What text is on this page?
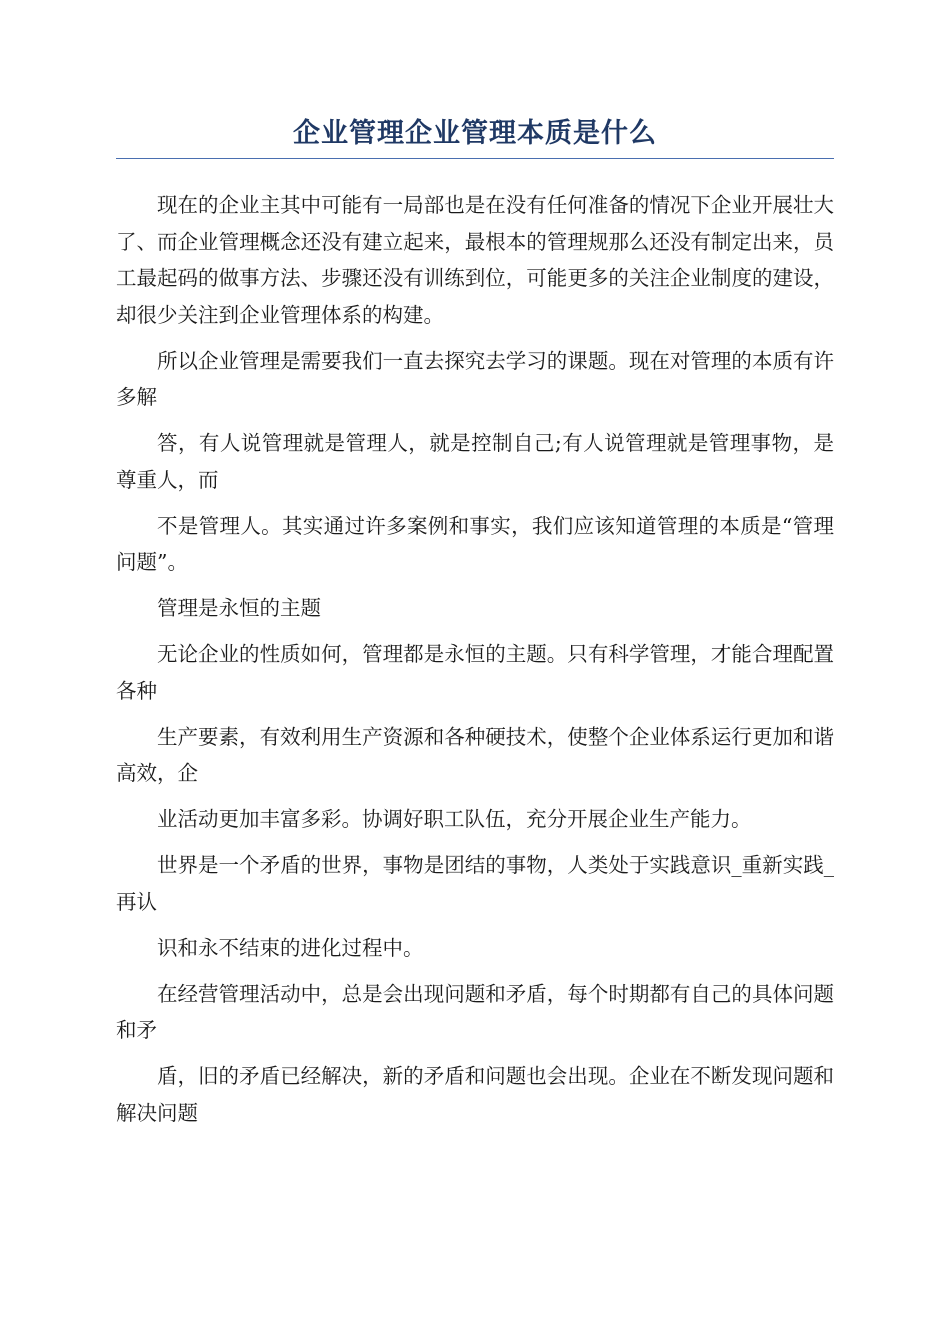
企业管理企业管理本质是什么

现在的企业主其中可能有一局部也是在没有任何准备的情况下企业开展壮大了、而企业管理概念还没有建立起来，最根本的管理规那么还没有制定出来，员工最起码的做事方法、步骤还没有训练到位，可能更多的关注企业制度的建设，却很少关注到企业管理体系的构建。

所以企业管理是需要我们一直去探究去学习的课题。现在对管理的本质有许多解

答，有人说管理就是管理人，就是控制自己;有人说管理就是管理事物，是尊重人，而

不是管理人。其实通过许多案例和事实，我们应该知道管理的本质是“管理问题”。

管理是永恒的主题

无论企业的性质如何，管理都是永恒的主题。只有科学管理，才能合理配置各种

生产要素，有效利用生产资源和各种硬技术，使整个企业体系运行更加和谐高效，企

业活动更加丰富多彩。协调好职工队伍，充分开展企业生产能力。

世界是一个矛盾的世界，事物是团结的事物，人类处于实践意识_重新实践_再认

识和永不结束的进化过程中。

在经营管理活动中，总是会出现问题和矛盾，每个时期都有自己的具体问题和矛

盾，旧的矛盾已经解决，新的矛盾和问题也会出现。企业在不断发现问题和解决问题
